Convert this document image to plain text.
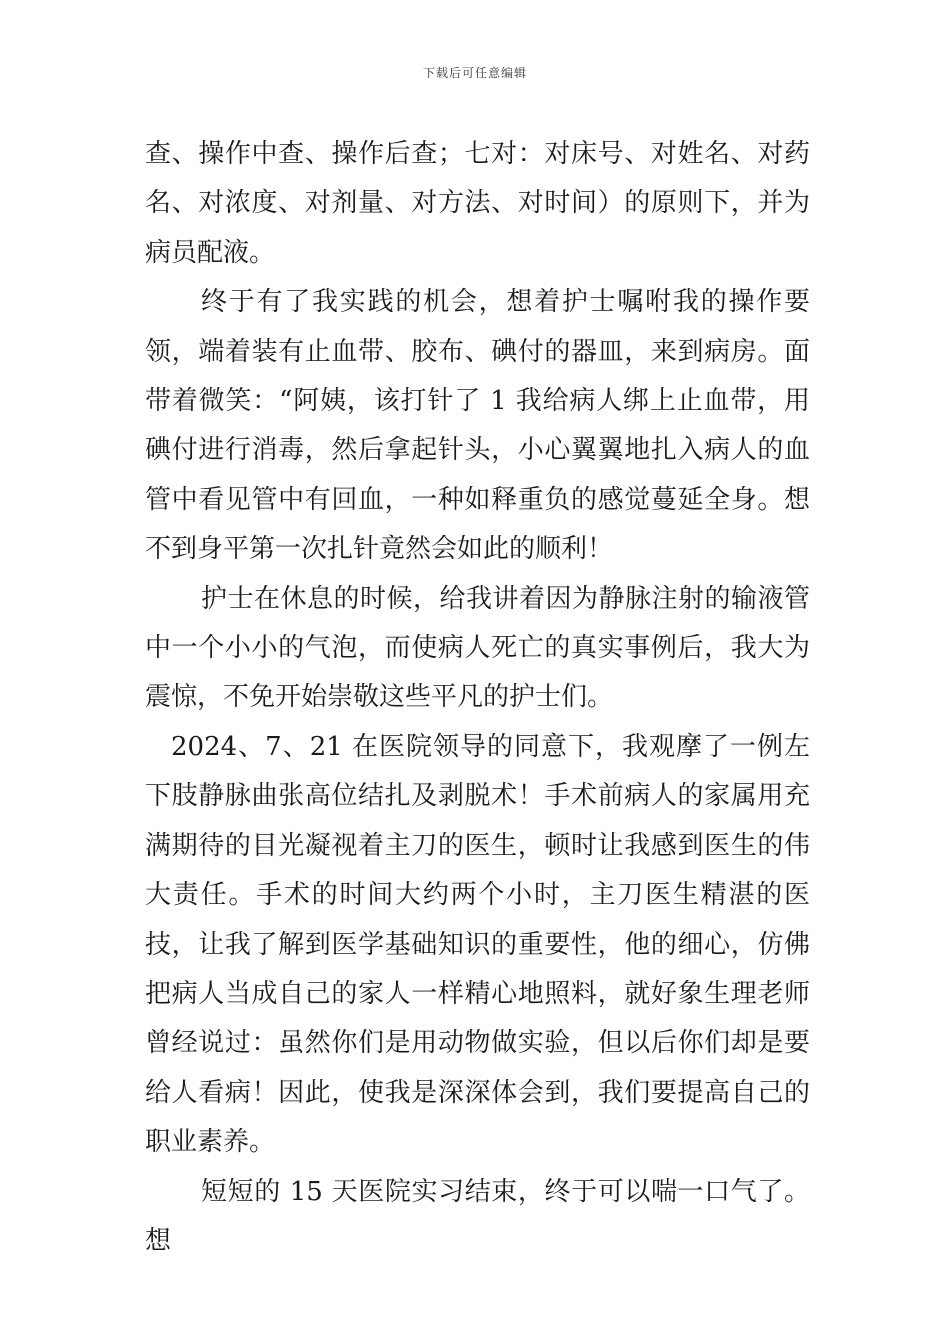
下载后可任意编辑

查、操作中查、操作后查；七对：对床号、对姓名、对药名、对浓度、对剂量、对方法、对时间）的原则下，并为病员配液。

终于有了我实践的机会，想着护士嘱咐我的操作要领，端着装有止血带、胶布、碘付的器皿，来到病房。面带着微笑：“阿姨，该打针了 1 我给病人绑上止血带，用碘付进行消毒，然后拿起针头，小心翼翼地扎入病人的血管中看见管中有回血，一种如释重负的感觉蔓延全身。想不到身平第一次扎针竟然会如此的顺利！

护士在休息的时候，给我讲着因为静脉注射的输液管中一个小小的气泡，而使病人死亡的真实事例后，我大为震惊，不免开始崇敬这些平凡的护士们。

2024、7、21 在医院领导的同意下，我观摩了一例左下肢静脉曲张高位结扎及剥脱术！手术前病人的家属用充满期待的目光凝视着主刀的医生，顿时让我感到医生的伟大责任。手术的时间大约两个小时，主刀医生精湛的医技，让我了解到医学基础知识的重要性，他的细心，仿佛把病人当成自己的家人一样精心地照料，就好象生理老师曾经说过：虽然你们是用动物做实验，但以后你们却是要给人看病！因此，使我是深深体会到，我们要提高自己的职业素养。

短短的 15 天医院实习结束，终于可以喘一口气了。想
